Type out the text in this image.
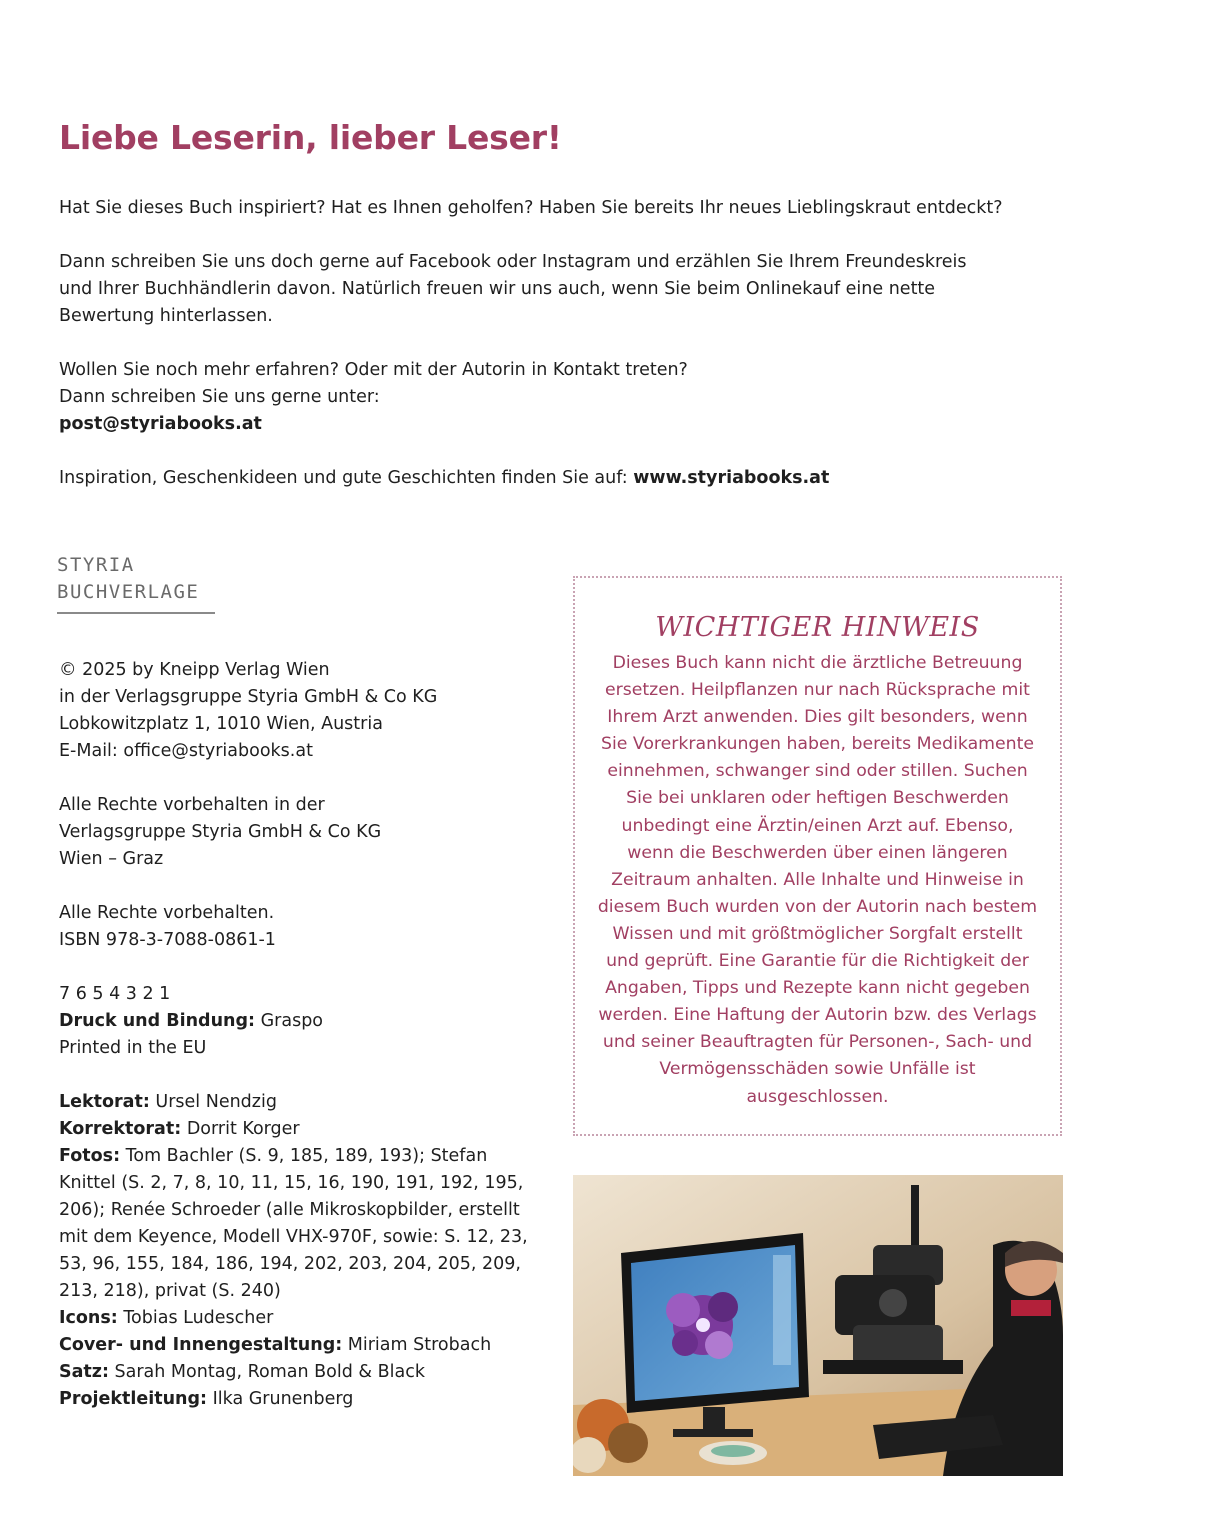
Liebe Leserin, lieber Leser!

Hat Sie dieses Buch inspiriert? Hat es Ihnen geholfen? Haben Sie bereits Ihr neues Lieblingskraut entdeckt?

Dann schreiben Sie uns doch gerne auf Facebook oder Instagram und erzählen Sie Ihrem Freundeskreis
und Ihrer Buchhändlerin davon. Natürlich freuen wir uns auch, wenn Sie beim Onlinekauf eine nette
Bewertung hinterlassen.

Wollen Sie noch mehr erfahren? Oder mit der Autorin in Kontakt treten?
Dann schreiben Sie uns gerne unter:
post@styriabooks.at

Inspiration, Geschenkideen und gute Geschichten finden Sie auf: www.styriabooks.at

STYRIA
BUCHVERLAGE

© 2025 by Kneipp Verlag Wien
in der Verlagsgruppe Styria GmbH & Co KG
Lobkowitzplatz 1, 1010 Wien, Austria
E-Mail: office@styriabooks.at

Alle Rechte vorbehalten in der
Verlagsgruppe Styria GmbH & Co KG
Wien – Graz

Alle Rechte vorbehalten.
ISBN 978-3-7088-0861-1

7 6 5 4 3 2 1
Druck und Bindung: Graspo
Printed in the EU

Lektorat: Ursel Nendzig
Korrektorat: Dorrit Korger
Fotos: Tom Bachler (S. 9, 185, 189, 193); Stefan Knittel (S. 2, 7, 8, 10, 11, 15, 16, 190, 191, 192, 195, 206); Renée Schroeder (alle Mikroskopbilder, erstellt mit dem Keyence, Modell VHX-970F, sowie: S. 12, 23, 53, 96, 155, 184, 186, 194, 202, 203, 204, 205, 209, 213, 218), privat (S. 240)
Icons: Tobias Ludescher
Cover- und Innengestaltung: Miriam Strobach
Satz: Sarah Montag, Roman Bold & Black
Projektleitung: Ilka Grunenberg

WICHTIGER HINWEIS
Dieses Buch kann nicht die ärztliche Betreuung ersetzen. Heilpflanzen nur nach Rücksprache mit Ihrem Arzt anwenden. Dies gilt besonders, wenn Sie Vorerkrankungen haben, bereits Medikamente einnehmen, schwanger sind oder stillen. Suchen Sie bei unklaren oder heftigen Beschwerden unbedingt eine Ärztin/einen Arzt auf. Ebenso, wenn die Beschwerden über einen längeren Zeitraum anhalten. Alle Inhalte und Hinweise in diesem Buch wurden von der Autorin nach bestem Wissen und mit größtmöglicher Sorgfalt erstellt und geprüft. Eine Garantie für die Richtigkeit der Angaben, Tipps und Rezepte kann nicht gegeben werden. Eine Haftung der Autorin bzw. des Verlags und seiner Beauftragten für Personen-, Sach- und Vermögensschäden sowie Unfälle ist ausgeschlossen.
